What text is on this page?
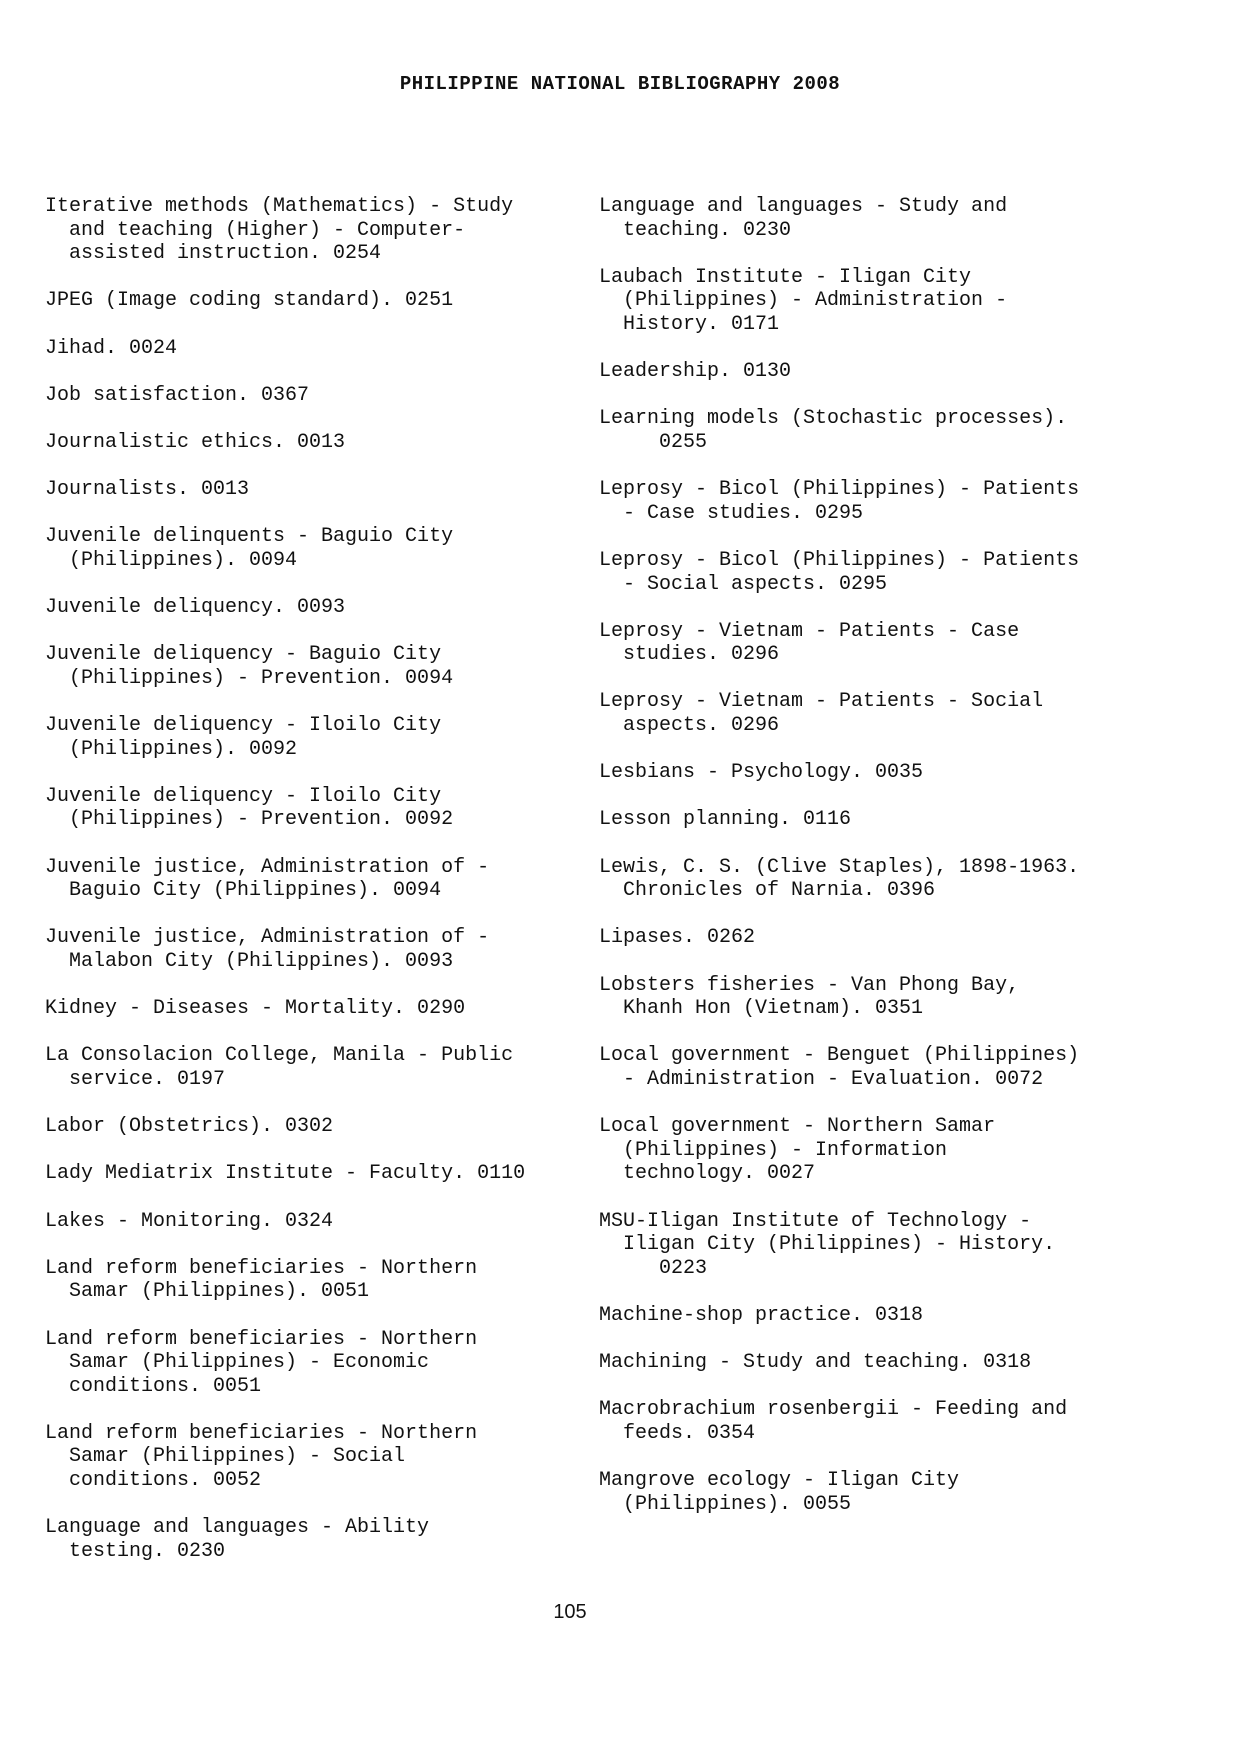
PHILIPPINE NATIONAL BIBLIOGRAPHY 2008
Iterative methods (Mathematics) - Study
and teaching (Higher) - Computer-
assisted instruction. 0254
JPEG (Image coding standard). 0251
Jihad. 0024
Job satisfaction. 0367
Journalistic ethics. 0013
Journalists. 0013
Juvenile delinquents - Baguio City
(Philippines). 0094
Juvenile deliquency. 0093
Juvenile deliquency - Baguio City
(Philippines) - Prevention. 0094
Juvenile deliquency - Iloilo City
(Philippines). 0092
Juvenile deliquency - Iloilo City
(Philippines) - Prevention. 0092
Juvenile justice, Administration of -
Baguio City (Philippines). 0094
Juvenile justice, Administration of -
Malabon City (Philippines). 0093
Kidney - Diseases - Mortality. 0290
La Consolacion College, Manila - Public
service. 0197
Labor (Obstetrics). 0302
Lady Mediatrix Institute - Faculty. 0110
Lakes - Monitoring. 0324
Land reform beneficiaries - Northern
Samar (Philippines). 0051
Land reform beneficiaries - Northern
Samar (Philippines) - Economic
conditions. 0051
Land reform beneficiaries - Northern
Samar (Philippines) - Social
conditions. 0052
Language and languages - Ability
testing. 0230
Language and languages - Study and
teaching. 0230
Laubach Institute - Iligan City
(Philippines) - Administration -
History. 0171
Leadership. 0130
Learning models (Stochastic processes).
0255
Leprosy - Bicol (Philippines) - Patients
- Case studies. 0295
Leprosy - Bicol (Philippines) - Patients
- Social aspects. 0295
Leprosy - Vietnam - Patients - Case
studies. 0296
Leprosy - Vietnam - Patients - Social
aspects. 0296
Lesbians - Psychology. 0035
Lesson planning. 0116
Lewis, C. S. (Clive Staples), 1898-1963.
Chronicles of Narnia. 0396
Lipases. 0262
Lobsters fisheries - Van Phong Bay,
Khanh Hon (Vietnam). 0351
Local government - Benguet (Philippines)
- Administration - Evaluation. 0072
Local government - Northern Samar
(Philippines) - Information
technology. 0027
MSU-Iligan Institute of Technology -
Iligan City (Philippines) - History.
0223
Machine-shop practice. 0318
Machining - Study and teaching. 0318
Macrobrachium rosenbergii - Feeding and
feeds. 0354
Mangrove ecology - Iligan City
(Philippines). 0055
105
